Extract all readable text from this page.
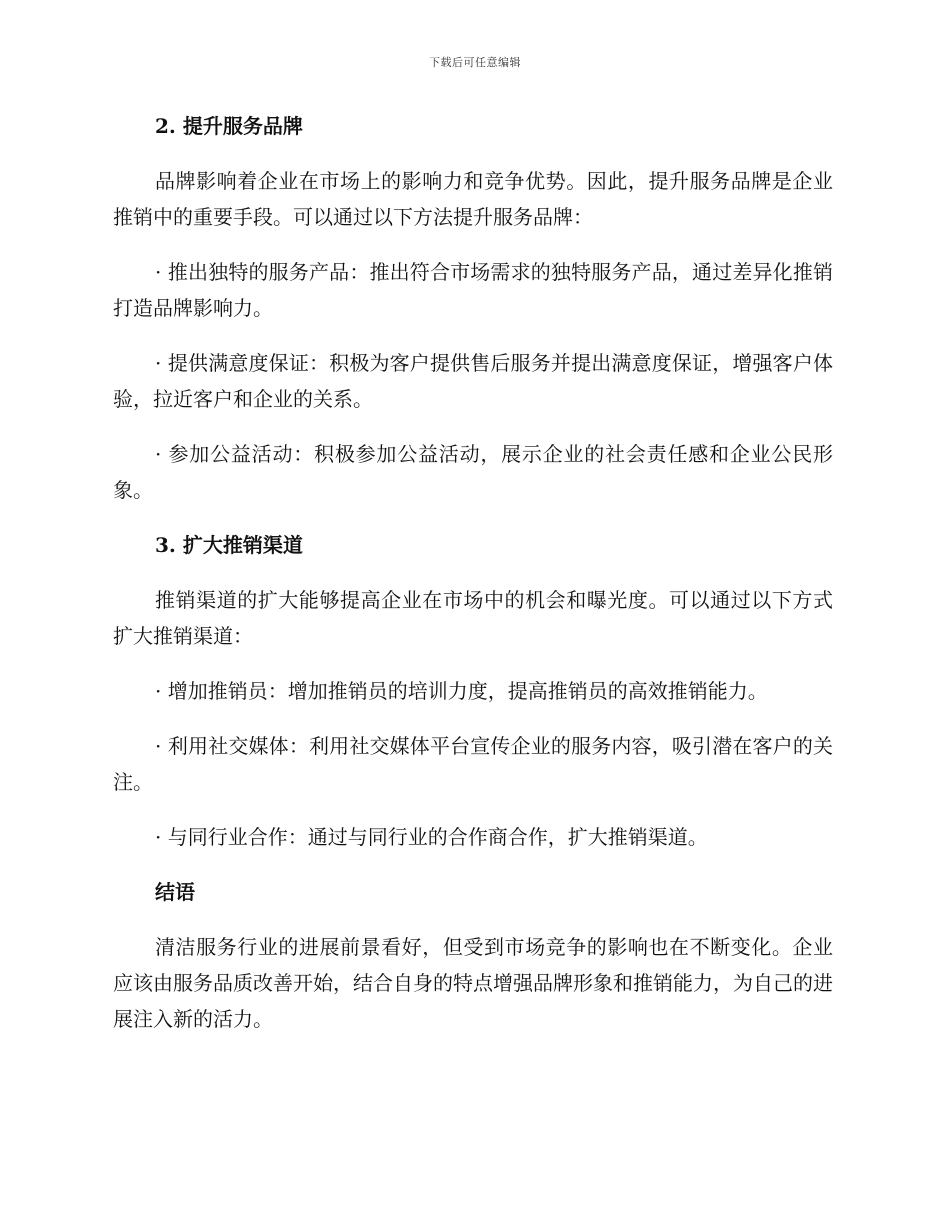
下载后可任意编辑
2. 提升服务品牌

品牌影响着企业在市场上的影响力和竞争优势。因此，提升服务品牌是企业推销中的重要手段。可以通过以下方法提升服务品牌：

· 推出独特的服务产品：推出符合市场需求的独特服务产品，通过差异化推销打造品牌影响力。

· 提供满意度保证：积极为客户提供售后服务并提出满意度保证，增强客户体验，拉近客户和企业的关系。

· 参加公益活动：积极参加公益活动，展示企业的社会责任感和企业公民形象。

3. 扩大推销渠道

推销渠道的扩大能够提高企业在市场中的机会和曝光度。可以通过以下方式扩大推销渠道：

· 增加推销员：增加推销员的培训力度，提高推销员的高效推销能力。

· 利用社交媒体：利用社交媒体平台宣传企业的服务内容，吸引潜在客户的关注。

· 与同行业合作：通过与同行业的合作商合作，扩大推销渠道。

结语

清洁服务行业的进展前景看好，但受到市场竞争的影响也在不断变化。企业应该由服务品质改善开始，结合自身的特点增强品牌形象和推销能力，为自己的进展注入新的活力。
